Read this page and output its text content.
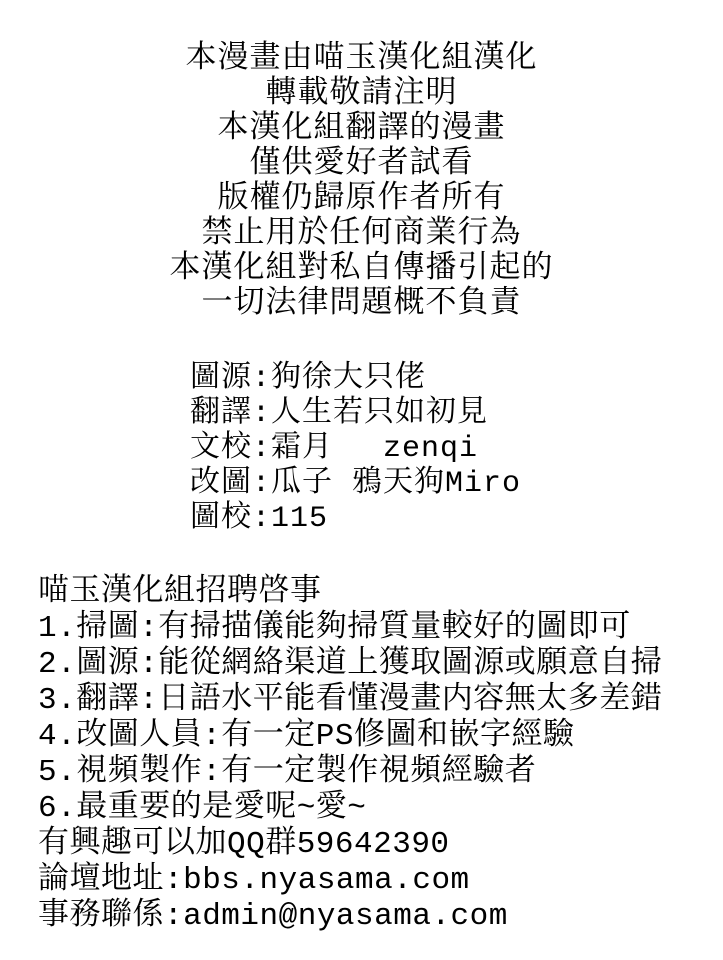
本漫畫由喵玉漢化組漢化
轉載敬請注明
本漢化組翻譯的漫畫
僅供愛好者試看
版權仍歸原作者所有
禁止用於任何商業行為
本漢化組對私自傳播引起的
一切法律問題概不負責
圖源:狗徐大只佬
翻譯:人生若只如初見
文校:霜月　 zenqi
改圖:瓜子 鴉天狗Miro
圖校:115
喵玉漢化組招聘啓事
1.掃圖:有掃描儀能夠掃質量較好的圖即可
2.圖源:能從網絡渠道上獲取圖源或願意自掃
3.翻譯:日語水平能看懂漫畫内容無太多差錯
4.改圖人員:有一定PS修圖和嵌字經驗
5.視頻製作:有一定製作視頻經驗者
6.最重要的是愛呢~愛~
有興趣可以加QQ群59642390
論壇地址:bbs.nyasama.com
事務聯係:admin@nyasama.com
